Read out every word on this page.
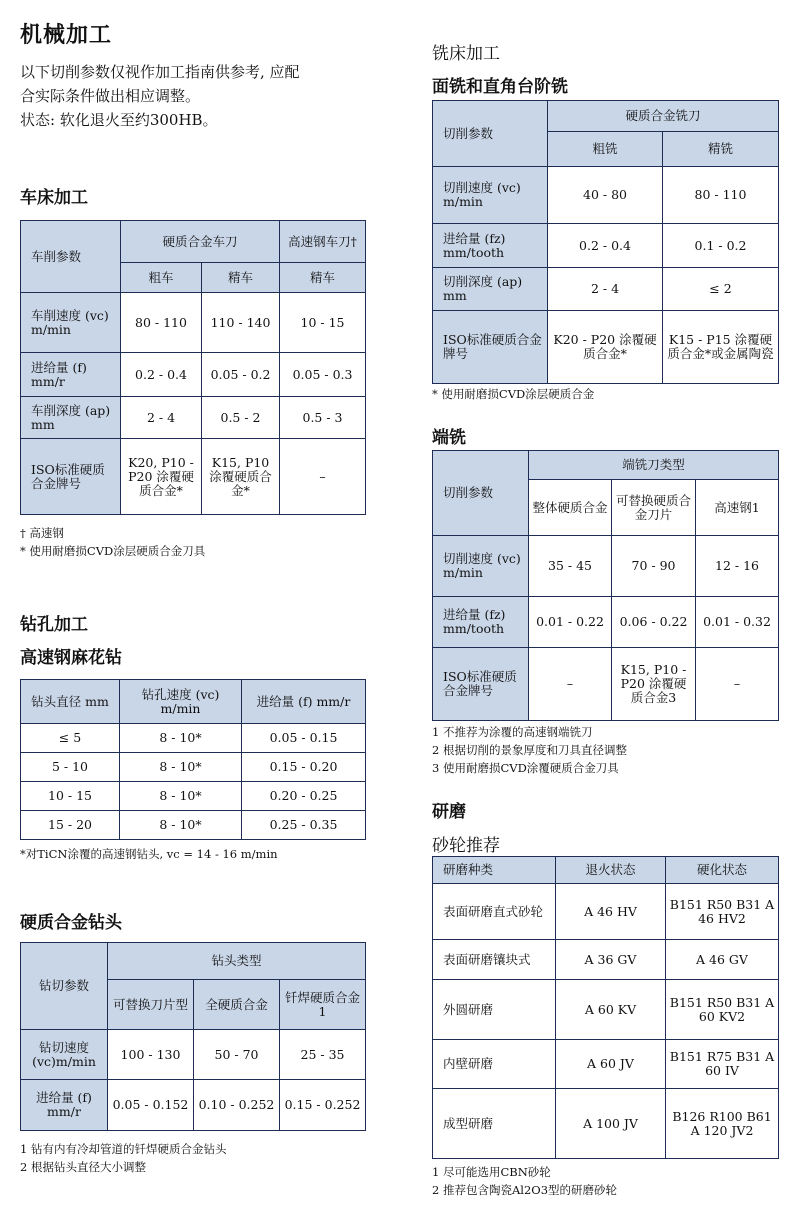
机械加工
以下切削参数仅视作加工指南供参考, 应配
合实际条件做出相应调整。
状态: 软化退火至约300HB。
车床加工
车削参数	硬质合金车刀		高速钢车刀†
	粗车	精车	精车
车削速度 (vc) m/min	80 - 110	110 - 140	10 - 15
进给量 (f) mm/r	0.2 - 0.4	0.05 - 0.2	0.05 - 0.3
车削深度 (ap) mm	2 - 4	0.5 - 2	0.5 - 3
ISO标准硬质合金牌号	K20, P10 - P20 涂覆硬质合金*	K15, P10 涂覆硬质合金*	–
† 高速钢
* 使用耐磨损CVD涂层硬质合金刀具
钻孔加工
高速钢麻花钻
钻头直径 mm	钻孔速度 (vc) m/min	进给量 (f) mm/r
≤ 5	8 - 10*	0.05 - 0.15
5 - 10	8 - 10*	0.15 - 0.20
10 - 15	8 - 10*	0.20 - 0.25
15 - 20	8 - 10*	0.25 - 0.35
*对TiCN涂覆的高速钢钻头, vc = 14 - 16 m/min
硬质合金钻头
钻切参数	钻头类型		
	可替换刀片型	全硬质合金	钎焊硬质合金1
钻切速度 (vc)m/min	100 - 130	50 - 70	25 - 35
进给量 (f) mm/r	0.05 - 0.152	0.10 - 0.252	0.15 - 0.252
1 钻有内有冷却管道的钎焊硬质合金钻头
2 根据钻头直径大小调整
铣床加工
面铣和直角台阶铣
切削参数	硬质合金铣刀	
	粗铣	精铣
切削速度 (vc) m/min	40 - 80	80 - 110
进给量 (fz) mm/tooth	0.2 - 0.4	0.1 - 0.2
切削深度 (ap) mm	2 - 4	≤ 2
ISO标准硬质合金牌号	K20 - P20 涂覆硬质合金*	K15 - P15 涂覆硬质合金*或金属陶瓷
* 使用耐磨损CVD涂层硬质合金
端铣
切削参数	端铣刀类型		
	整体硬质合金	可替换硬质合金刀片	高速钢1
切削速度 (vc) m/min	35 - 45	70 - 90	12 - 16
进给量 (fz) mm/tooth	0.01 - 0.22	0.06 - 0.22	0.01 - 0.32
ISO标准硬质合金牌号	–	K15, P10 - P20 涂覆硬质合金3	–
1 不推荐为涂覆的高速钢端铣刀
2 根据切削的景象厚度和刀具直径调整
3 使用耐磨损CVD涂覆硬质合金刀具
研磨
砂轮推荐
研磨种类	退火状态	硬化状态
表面研磨直式砂轮	A 46 HV	B151 R50 B31 A 46 HV2
表面研磨镶块式	A 36 GV	A 46 GV
外圆研磨	A 60 KV	B151 R50 B31 A 60 KV2
内壁研磨	A 60 JV	B151 R75 B31 A 60 IV
成型研磨	A 100 JV	B126 R100 B61 A 120 JV2
1 尽可能选用CBN砂轮
2 推荐包含陶瓷Al2O3型的研磨砂轮
